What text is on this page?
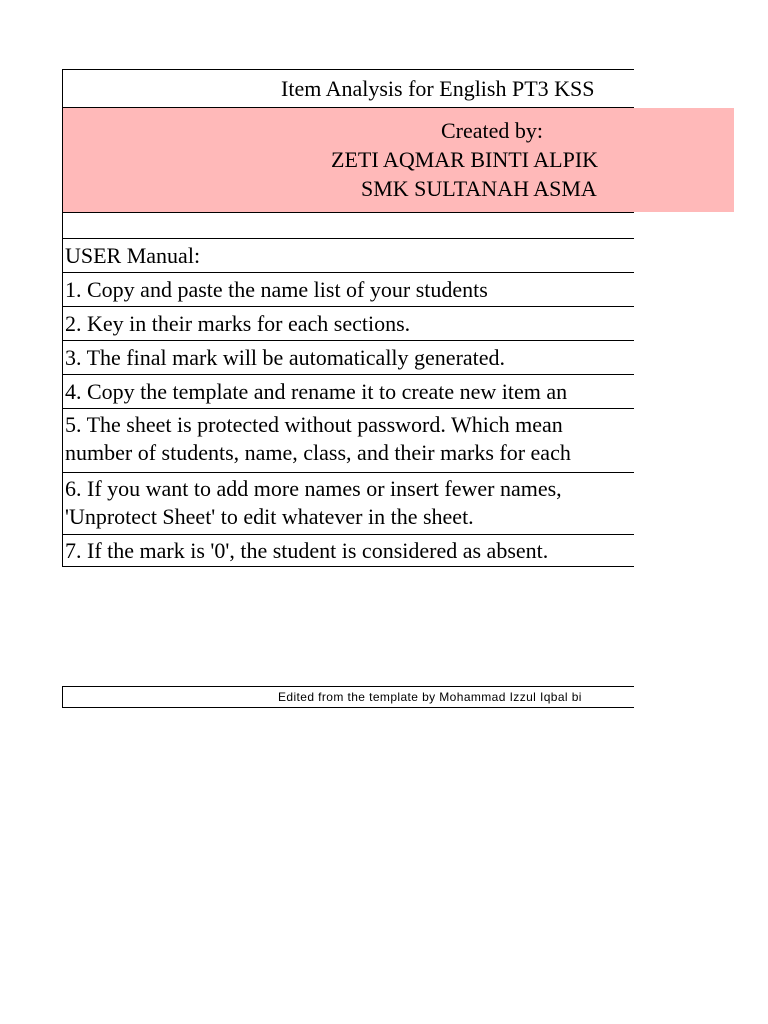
Item Analysis for English PT3 KSS
Created by:
ZETI AQMAR BINTI ALPIK
SMK SULTANAH ASMA
USER Manual:
1. Copy and paste the name list of your students
2. Key in their marks for each sections.
3. The final mark will be automatically generated.
4. Copy the template and rename it to create new item an
5. The sheet is protected without password. Which mean
number of students, name, class, and their marks for each
6. If you want to add more names or insert fewer names,
'Unprotect Sheet' to edit whatever in the sheet.
7. If the mark is '0', the student is considered as absent.
Edited from the template by Mohammad Izzul Iqbal bi
